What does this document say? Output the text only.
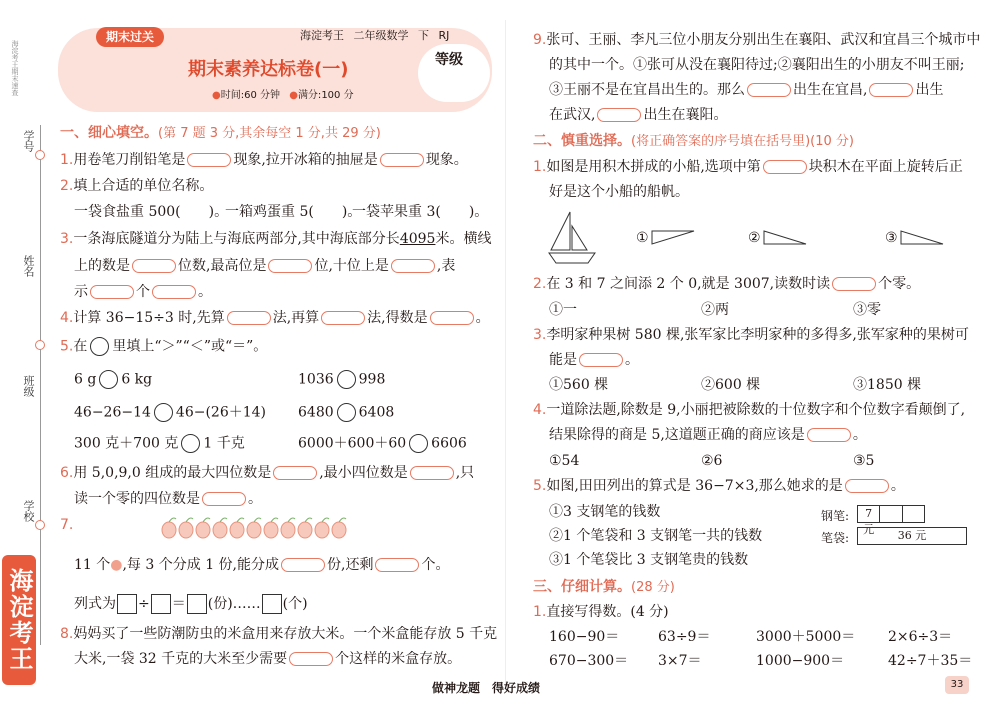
海淀考王期末速查
学号
姓名
班级
学校
海淀考王
期末过关	海淀考王 二年级数学 下 RJ
期末素养达标卷(一)
●时间:60 分钟 ●满分:100 分
等级
一、细心填空。(第 7 题 3 分,其余每空 1 分,共 29 分)
1.用卷笔刀削铅笔是	现象,拉开冰箱的抽屉是	现象。
2.填上合适的单位名称。
一袋食盐重 500(　　)。
一箱鸡蛋重 5(　　)。
一袋苹果重 3(　　)。
3.一条海底隧道分为陆上与海底两部分,其中海底部分长4095米。横线
上的数是	位数,最高位是	位,十位上是	,表
示	个	。
4.计算 36−15÷3 时,先算	法,再算	法,得数是	。
5.在 里填上“＞”“＜”或“＝”。
6 g 6 kg	1036 998
46−26−14 46−(26＋14) 6480 6408
300 克＋700 克 1 千克	6000＋600＋60 6606
6.用 5,0,9,0 组成的最大四位数是	,最小四位数是	,只
读一个零的四位数是	。
7.
11 个●,每 3 个分成 1 份,能分成	份,还剩	个。
列式为 ÷ ＝ (份)…… (个)
8.妈妈买了一些防潮防虫的米盒用来存放大米。一个米盒能存放 5 千克
大米,一袋 32 千克的大米至少需要	个这样的米盒存放。
9.张可、王丽、李凡三位小朋友分别出生在襄阳、武汉和宜昌三个城市中
的其中一个。①张可从没在襄阳待过;②襄阳出生的小朋友不叫王丽;
③王丽不是在宜昌出生的。那么	出生在宜昌,	出生
在武汉,	出生在襄阳。
二、慎重选择。(将正确答案的序号填在括号里)(10 分)
1.如图是用积木拼成的小船,选项中第	块积木在平面上旋转后正
好是这个小船的船帆。
①	②	③
2.在 3 和 7 之间添 2 个 0,就是 3007,读数时读	个零。
①一	②两	③零
3.李明家种果树 580 棵,张军家比李明家种的多得多,张军家种的果树可
能是	。
①560 棵	②600 棵	③1850 棵
4.一道除法题,除数是 9,小丽把被除数的十位数字和个位数字看颠倒了,
结果除得的商是 5,这道题正确的商应该是	。
①54	②6	③5
5.如图,田田列出的算式是 36−7×3,那么她求的是	。
①3 支钢笔的钱数
②1 个笔袋和 3 支钢笔一共的钱数
③1 个笔袋比 3 支钢笔贵的钱数
钢笔:	7 元
笔袋:	36 元
三、仔细计算。(28 分)
1.直接写得数。(4 分)
160−90＝	63÷9＝	3000＋5000＝ 2×6÷3＝
670−300＝ 3×7＝	1000−900＝	42÷7＋35＝
做神龙题 得好成绩	33
